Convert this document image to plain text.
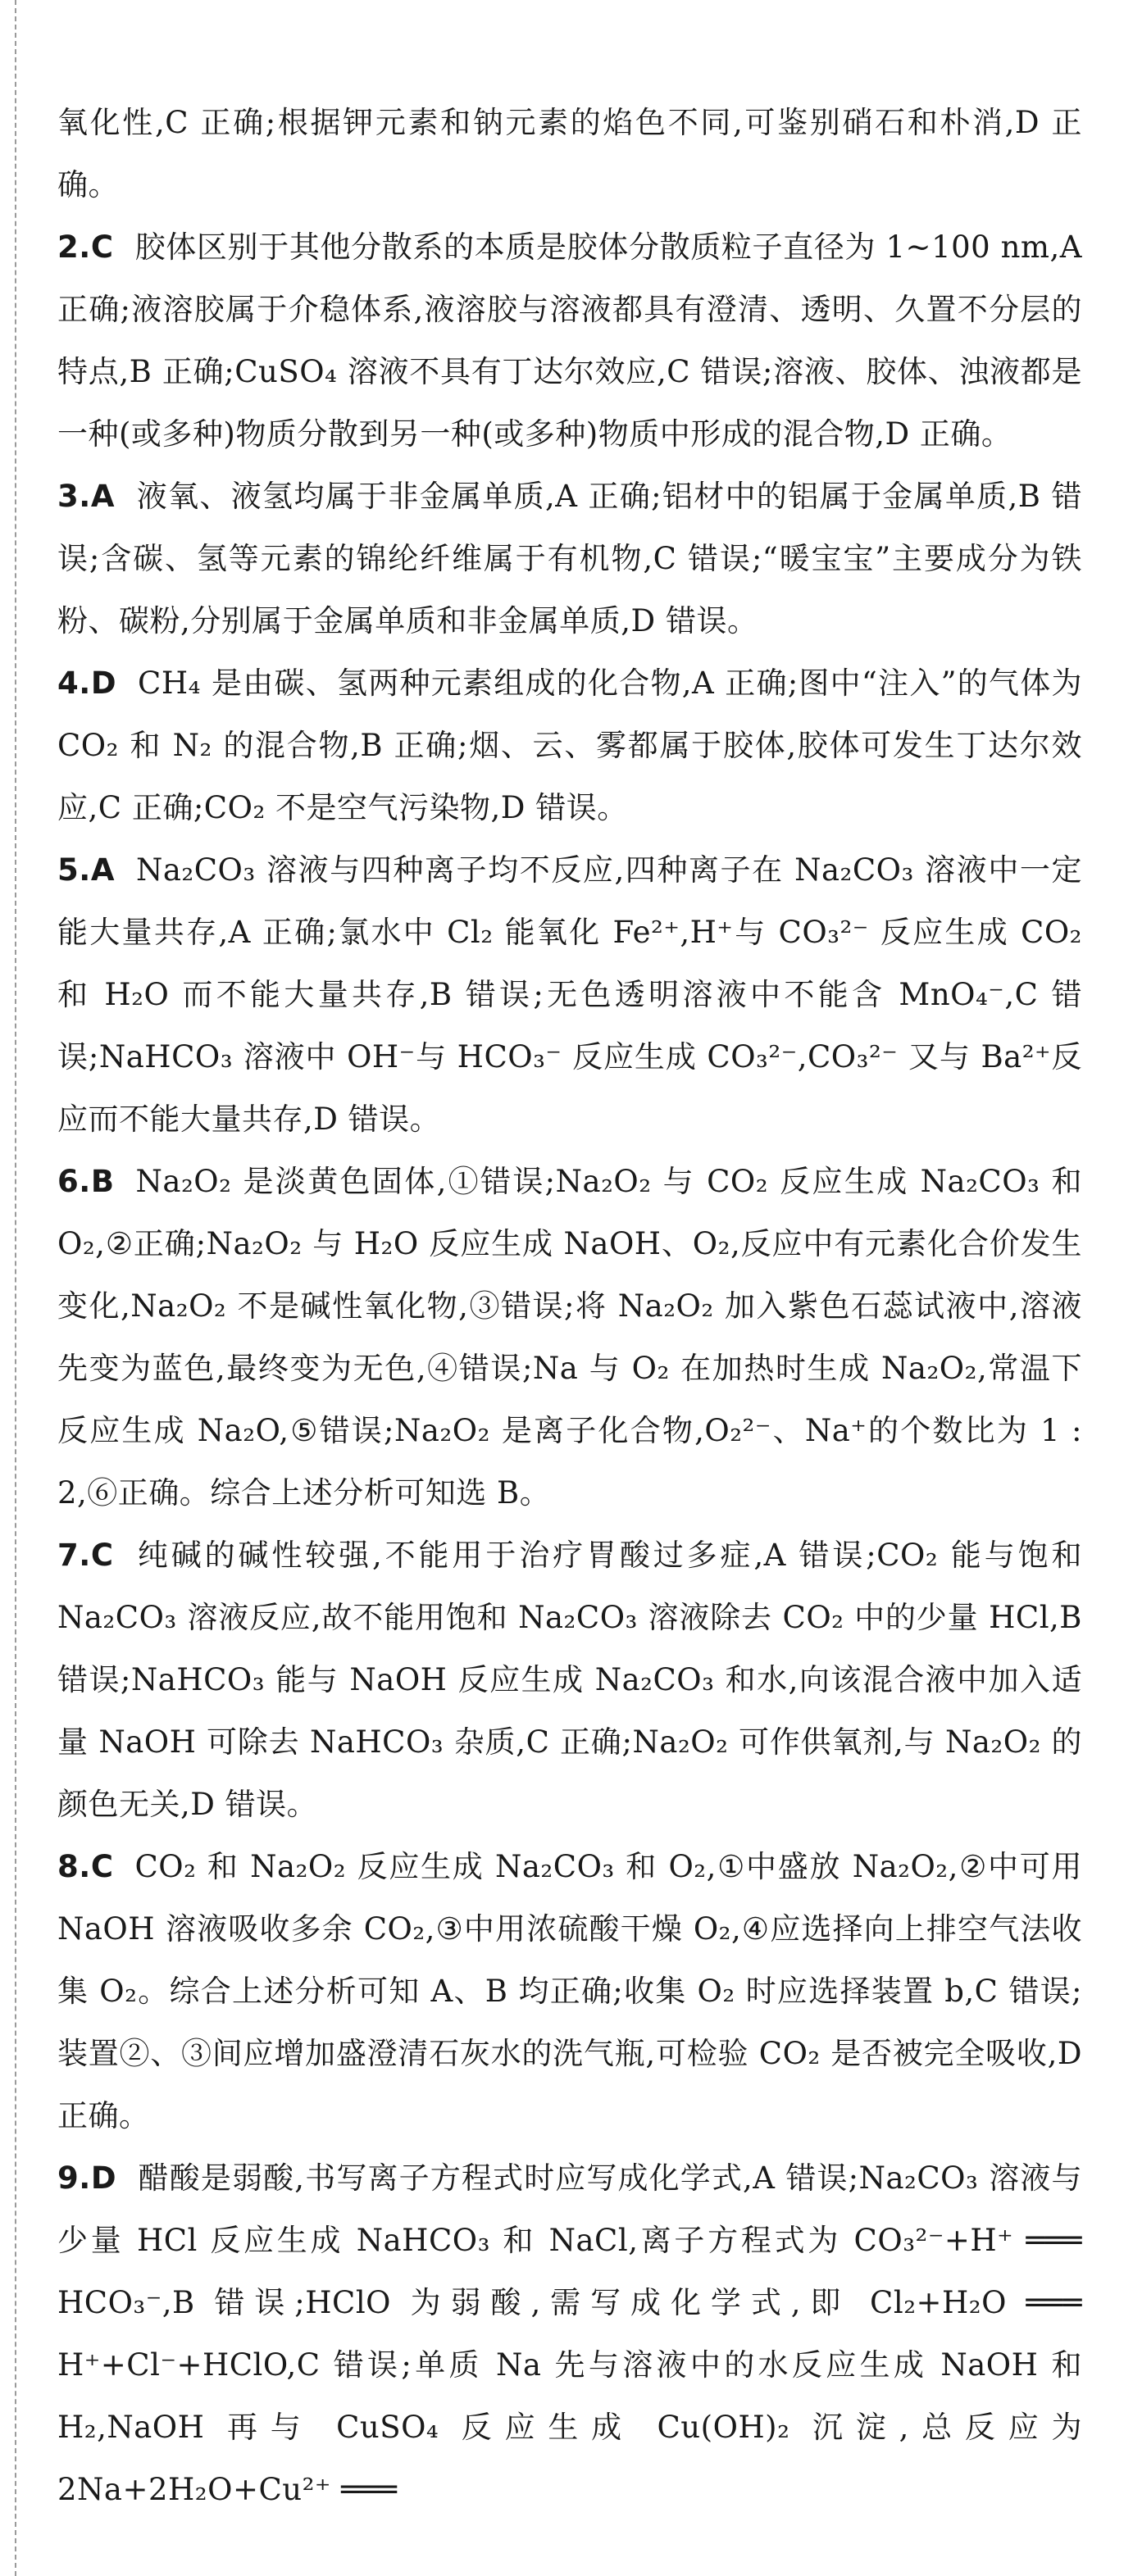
氧化性,C 正确;根据钾元素和钠元素的焰色不同,可鉴别硝石和朴消,D 正确。

2.C 胶体区别于其他分散系的本质是胶体分散质粒子直径为 1~100 nm,A 正确;液溶胶属于介稳体系,液溶胶与溶液都具有澄清、透明、久置不分层的特点,B 正确;CuSO₄ 溶液不具有丁达尔效应,C 错误;溶液、胶体、浊液都是一种(或多种)物质分散到另一种(或多种)物质中形成的混合物,D 正确。

3.A 液氧、液氢均属于非金属单质,A 正确;铝材中的铝属于金属单质,B 错误;含碳、氢等元素的锦纶纤维属于有机物,C 错误;“暖宝宝”主要成分为铁粉、碳粉,分别属于金属单质和非金属单质,D 错误。

4.D CH₄ 是由碳、氢两种元素组成的化合物,A 正确;图中“注入”的气体为 CO₂ 和 N₂ 的混合物,B 正确;烟、云、雾都属于胶体,胶体可发生丁达尔效应,C 正确;CO₂ 不是空气污染物,D 错误。

5.A Na₂CO₃ 溶液与四种离子均不反应,四种离子在 Na₂CO₃ 溶液中一定能大量共存,A 正确;氯水中 Cl₂ 能氧化 Fe²⁺,H⁺与 CO₃²⁻ 反应生成 CO₂ 和 H₂O 而不能大量共存,B 错误;无色透明溶液中不能含 MnO₄⁻,C 错误;NaHCO₃ 溶液中 OH⁻与 HCO₃⁻ 反应生成 CO₃²⁻,CO₃²⁻ 又与 Ba²⁺反应而不能大量共存,D 错误。

6.B Na₂O₂ 是淡黄色固体,①错误;Na₂O₂ 与 CO₂ 反应生成 Na₂CO₃ 和 O₂,②正确;Na₂O₂ 与 H₂O 反应生成 NaOH、O₂,反应中有元素化合价发生变化,Na₂O₂ 不是碱性氧化物,③错误;将 Na₂O₂ 加入紫色石蕊试液中,溶液先变为蓝色,最终变为无色,④错误;Na 与 O₂ 在加热时生成 Na₂O₂,常温下反应生成 Na₂O,⑤错误;Na₂O₂ 是离子化合物,O₂²⁻、Na⁺的个数比为 1 : 2,⑥正确。综合上述分析可知选 B。

7.C 纯碱的碱性较强,不能用于治疗胃酸过多症,A 错误;CO₂ 能与饱和 Na₂CO₃ 溶液反应,故不能用饱和 Na₂CO₃ 溶液除去 CO₂ 中的少量 HCl,B 错误;NaHCO₃ 能与 NaOH 反应生成 Na₂CO₃ 和水,向该混合液中加入适量 NaOH 可除去 NaHCO₃ 杂质,C 正确;Na₂O₂ 可作供氧剂,与 Na₂O₂ 的颜色无关,D 错误。

8.C CO₂ 和 Na₂O₂ 反应生成 Na₂CO₃ 和 O₂,①中盛放 Na₂O₂,②中可用 NaOH 溶液吸收多余 CO₂,③中用浓硫酸干燥 O₂,④应选择向上排空气法收集 O₂。综合上述分析可知 A、B 均正确;收集 O₂ 时应选择装置 b,C 错误;装置②、③间应增加盛澄清石灰水的洗气瓶,可检验 CO₂ 是否被完全吸收,D 正确。

9.D 醋酸是弱酸,书写离子方程式时应写成化学式,A 错误;Na₂CO₃ 溶液与少量 HCl 反应生成 NaHCO₃ 和 NaCl,离子方程式为 CO₃²⁻+H⁺ ═══ HCO₃⁻,B 错误;HClO 为弱酸,需写成化学式,即 Cl₂+H₂O ═══ H⁺+Cl⁻+HClO,C 错误;单质 Na 先与溶液中的水反应生成 NaOH 和 H₂,NaOH 再与 CuSO₄ 反应生成 Cu(OH)₂ 沉淀,总反应为 2Na+2H₂O+Cu²⁺ ═══
